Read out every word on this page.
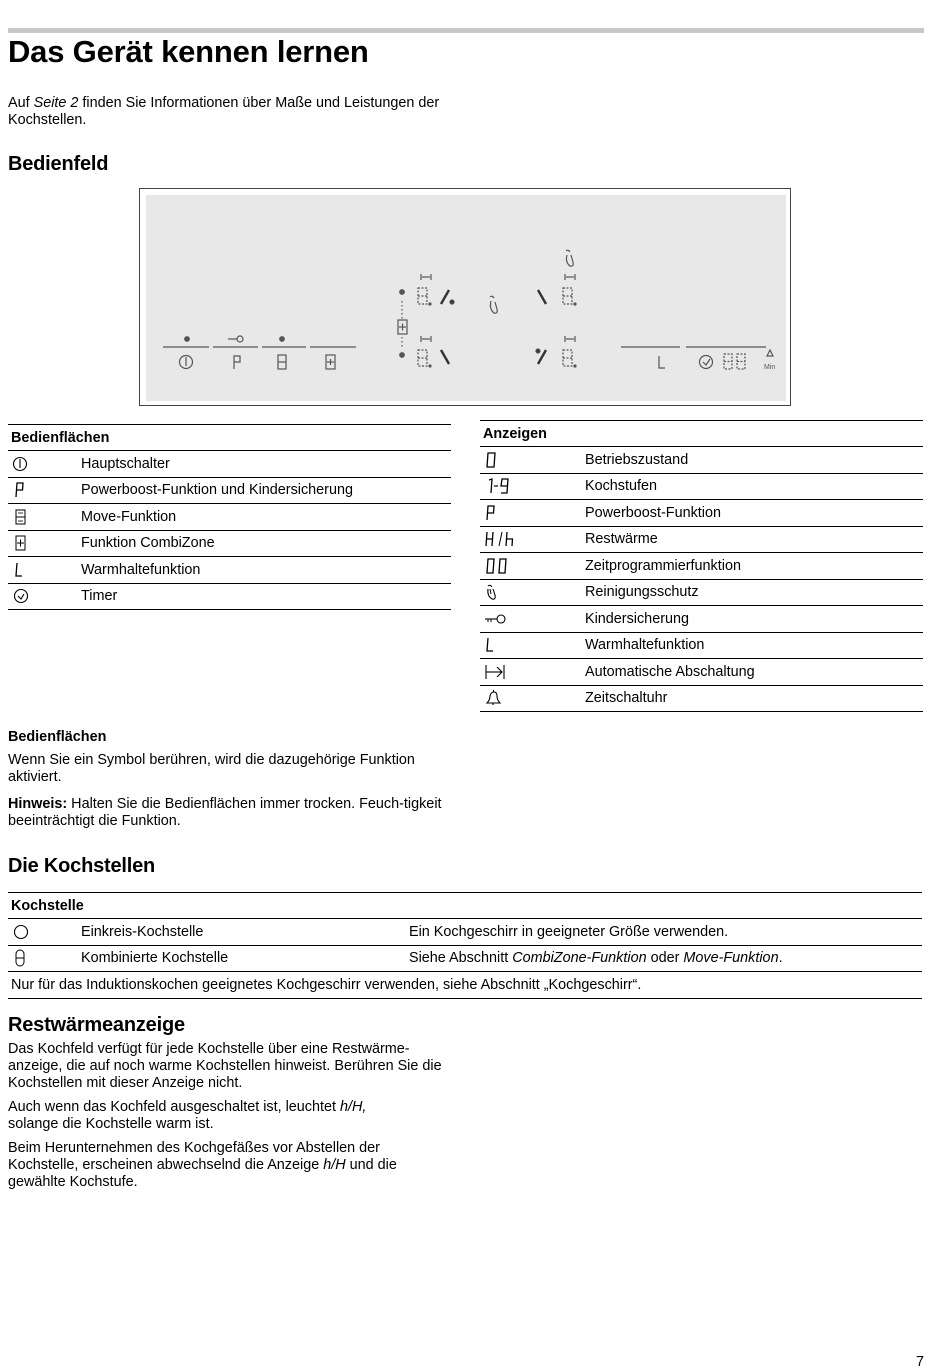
Das Gerät kennen lernen

Auf Seite 2 finden Sie Informationen über Maße und Leistungen der Kochstellen.

Bedienfeld
Min
Bedienflächen	

	Hauptschalter

	Powerboost-Funktion und Kindersicherung

	Move-Funktion

	Funktion CombiZone

	Warmhaltefunktion

	Timer
Anzeigen	

	Betriebszustand

	Kochstufen

	Powerboost-Funktion

	Restwärme

	Zeitprogrammierfunktion

	Reinigungsschutz

	Kindersicherung

	Warmhaltefunktion

	Automatische Abschaltung

	Zeitschaltuhr
Bedienflächen

Wenn Sie ein Symbol berühren, wird die dazugehörige Funktion aktiviert.

Hinweis: Halten Sie die Bedienflächen immer trocken. Feuch-tigkeit beeinträchtigt die Funktion.

Die Kochstellen
Kochstelle		

	Einkreis-Kochstelle	Ein Kochgeschirr in geeigneter Größe verwenden.

	Kombinierte Kochstelle	Siehe Abschnitt CombiZone-Funktion oder Move-Funktion.
Nur für das Induktionskochen geeignetes Kochgeschirr verwenden, siehe Abschnitt „Kochgeschirr“.		
Restwärmeanzeige

Das Kochfeld verfügt für jede Kochstelle über eine Restwärme-anzeige, die auf noch warme Kochstellen hinweist. Berühren Sie die Kochstellen mit dieser Anzeige nicht.

Auch wenn das Kochfeld ausgeschaltet ist, leuchtet h/H,
solange die Kochstelle warm ist.

Beim Herunternehmen des Kochgefäßes vor Abstellen der Kochstelle, erscheinen abwechselnd die Anzeige h/H und die gewählte Kochstufe.

7
